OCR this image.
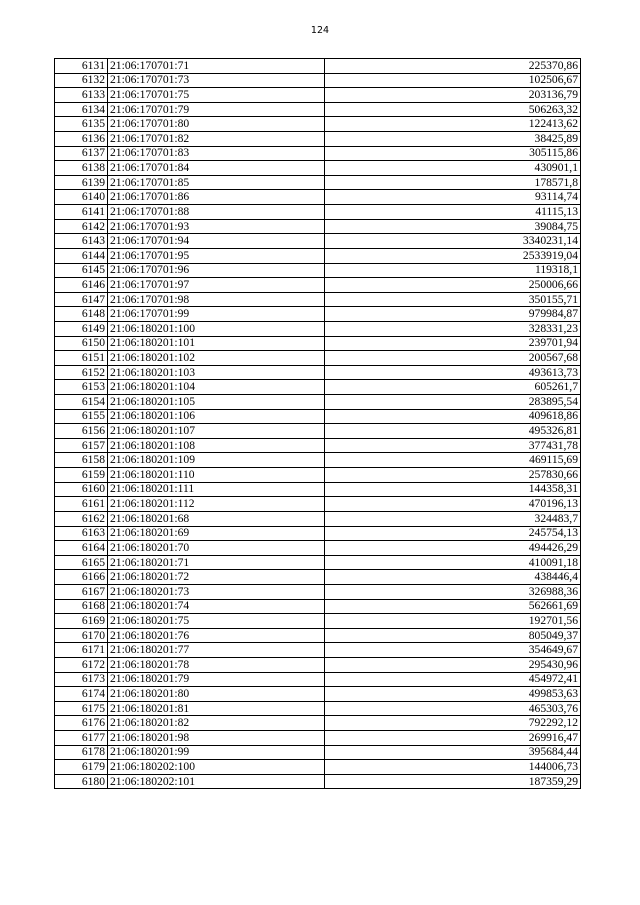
124
6131	21:06:170701:71	225370,86
6132	21:06:170701:73	102506,67
6133	21:06:170701:75	203136,79
6134	21:06:170701:79	506263,32
6135	21:06:170701:80	122413,62
6136	21:06:170701:82	38425,89
6137	21:06:170701:83	305115,86
6138	21:06:170701:84	430901,1
6139	21:06:170701:85	178571,8
6140	21:06:170701:86	93114,74
6141	21:06:170701:88	41115,13
6142	21:06:170701:93	39084,75
6143	21:06:170701:94	3340231,14
6144	21:06:170701:95	2533919,04
6145	21:06:170701:96	119318,1
6146	21:06:170701:97	250006,66
6147	21:06:170701:98	350155,71
6148	21:06:170701:99	979984,87
6149	21:06:180201:100	328331,23
6150	21:06:180201:101	239701,94
6151	21:06:180201:102	200567,68
6152	21:06:180201:103	493613,73
6153	21:06:180201:104	605261,7
6154	21:06:180201:105	283895,54
6155	21:06:180201:106	409618,86
6156	21:06:180201:107	495326,81
6157	21:06:180201:108	377431,78
6158	21:06:180201:109	469115,69
6159	21:06:180201:110	257830,66
6160	21:06:180201:111	144358,31
6161	21:06:180201:112	470196,13
6162	21:06:180201:68	324483,7
6163	21:06:180201:69	245754,13
6164	21:06:180201:70	494426,29
6165	21:06:180201:71	410091,18
6166	21:06:180201:72	438446,4
6167	21:06:180201:73	326988,36
6168	21:06:180201:74	562661,69
6169	21:06:180201:75	192701,56
6170	21:06:180201:76	805049,37
6171	21:06:180201:77	354649,67
6172	21:06:180201:78	295430,96
6173	21:06:180201:79	454972,41
6174	21:06:180201:80	499853,63
6175	21:06:180201:81	465303,76
6176	21:06:180201:82	792292,12
6177	21:06:180201:98	269916,47
6178	21:06:180201:99	395684,44
6179	21:06:180202:100	144006,73
6180	21:06:180202:101	187359,29
